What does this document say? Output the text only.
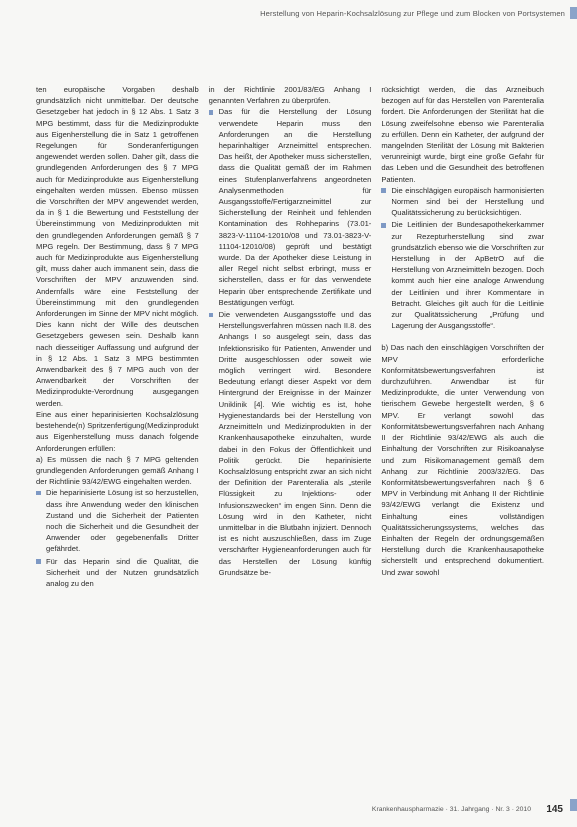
Herstellung von Heparin-Kochsalzlösung zur Pflege und zum Blocken von Portsystemen

ten europäische Vorgaben deshalb grundsätzlich nicht unmittelbar. Der deutsche Gesetzgeber hat jedoch in § 12 Abs. 1 Satz 3 MPG bestimmt, dass für die Medizinprodukte aus Eigenherstellung die in Satz 1 getroffenen Regelungen für Sonderanfertigungen angewendet werden sollen. Daher gilt, dass die grundlegenden Anforderungen des § 7 MPG auch für Medizinprodukte aus Eigenherstellung eingehalten werden müssen. Ebenso müssen die Vorschriften der MPV angewendet werden, da in § 1 die Bewertung und Feststellung der Übereinstimmung von Medizinprodukten mit den grundlegenden Anforderungen gemäß § 7 MPG regeln. Der Bestimmung, dass § 7 MPG auch für Medizinprodukte aus Eigenherstellung gilt, muss daher auch immanent sein, dass die Vorschriften der MPV anzuwenden sind. Andernfalls wäre eine Feststellung der Übereinstimmung mit den grundlegenden Anforderungen im Sinne der MPV nicht möglich. Dies kann nicht der Wille des deutschen Gesetzgebers gewesen sein. Deshalb kann nach diesseitiger Auffassung und aufgrund der in § 12 Abs. 1 Satz 3 MPG bestimmten Anwendbarkeit des § 7 MPG auch von der Anwendbarkeit der Vorschriften der Medizinprodukte-Verordnung ausgegangen werden.

Eine aus einer heparinisierten Kochsalzlösung bestehende(n) Spritzenfertigung(Medizinprodukt aus Eigenherstellung muss danach folgende Anforderungen erfüllen:

a) Es müssen die nach § 7 MPG geltenden grundlegenden Anforderungen gemäß Anhang I der Richtlinie 93/42/EWG eingehalten werden.

Die heparinisierte Lösung ist so herzustellen, dass ihre Anwendung weder den klinischen Zustand und die Sicherheit der Patienten noch die Sicherheit und die Gesundheit der Anwender oder gegebenenfalls Dritter gefährdet.
Für das Heparin sind die Qualität, die Sicherheit und der Nutzen grundsätzlich analog zu den

in der Richtlinie 2001/83/EG Anhang I genannten Verfahren zu überprüfen.

Das für die Herstellung der Lösung verwendete Heparin muss den Anforderungen an die Herstellung heparinhaltiger Arzneimittel entsprechen. Das heißt, der Apotheker muss sicherstellen, dass die Qualität gemäß der im Rahmen eines Stufenplanverfahrens angeordneten Analysenmethoden für Ausgangsstoffe/Fertigarzneimittel zur Sicherstellung der Reinheit und fehlenden Kontamination des Rohheparins (73.01-3823-V-11104-12010/08 und 73.01-3823-V-11104-12010/08) geprüft und bestätigt wurde. Da der Apotheker diese Leistung in aller Regel nicht selbst erbringt, muss er sicherstellen, dass er für das verwendete Heparin über entsprechende Zertifikate und Bestätigungen verfügt.
Die verwendeten Ausgangsstoffe und das Herstellungsverfahren müssen nach II.8. des Anhangs I so ausgelegt sein, dass das Infektionsrisiko für Patienten, Anwender und Dritte ausgeschlossen oder soweit wie möglich verringert wird. Besondere Bedeutung erlangt dieser Aspekt vor dem Hintergrund der Ereignisse in der Mainzer Uniklinik [4]. Wie wichtig es ist, hohe Hygienestandards bei der Herstellung von Arzneimitteln und Medizinprodukten in der Krankenhausapotheke einzuhalten, wurde dabei in den Fokus der Öffentlichkeit und Politik gerückt. Die heparinisierte Kochsalzlösung entspricht zwar an sich nicht der Definition der Parenteralia als „sterile Flüssigkeit zu Injektions- oder Infusionszwecken“ im engen Sinn. Denn die Lösung wird in den Katheter, nicht unmittelbar in die Blutbahn injiziert. Dennoch ist es nicht auszuschließen, dass im Zuge verschärfter Hygieneanforderungen auch für das Herstellen der Lösung künftig Grundsätze be-

rücksichtigt werden, die das Arzneibuch bezogen auf für das Herstellen von Parenteralia fordert. Die Anforderungen der Sterilität hat die Lösung zweifelsohne ebenso wie Parenteralia zu erfüllen. Denn ein Katheter, der aufgrund der mangelnden Sterilität der Lösung mit Bakterien verunreinigt wurde, birgt eine große Gefahr für das Leben und die Gesundheit des betroffenen Patienten.

Die einschlägigen europäisch harmonisierten Normen sind bei der Herstellung und Qualitätssicherung zu berücksichtigen.
Die Leitlinien der Bundesapothekerkammer zur Rezepturherstellung sind zwar grundsätzlich ebenso wie die Vorschriften zur Herstellung in der ApBetrO auf die Herstellung von Arzneimitteln bezogen. Doch kommt auch hier eine analoge Anwendung der Leitlinien und ihrer Kommentare in Betracht. Gleiches gilt auch für die Leitlinie zur Qualitätssicherung „Prüfung und Lagerung der Ausgangsstoffe“.

b) Das nach den einschlägigen Vorschriften der MPV erforderliche Konformitätsbewertungsverfahren ist durchzuführen. Anwendbar ist für Medizinprodukte, die unter Verwendung von tierischem Gewebe hergestellt werden, § 6 MPV. Er verlangt sowohl das Konformitätsbewertungsverfahren nach Anhang II der Richtlinie 93/42/EWG als auch die Einhaltung der Vorschriften zur Risikoanalyse und zum Risikomanagement gemäß dem Anhang zur Richtlinie 2003/32/EG. Das Konformitätsbewertungsverfahren nach § 6 MPV in Verbindung mit Anhang II der Richtlinie 93/42/EWG verlangt die Existenz und Einhaltung eines vollständigen Qualitätssicherungssystems, welches das Einhalten der Regeln der ordnungsgemäßen Herstellung durch die Krankenhausapotheke sicherstellt und entsprechend dokumentiert. Und zwar sowohl

Krankenhauspharmazie · 31. Jahrgang · Nr. 3 · 2010 145
